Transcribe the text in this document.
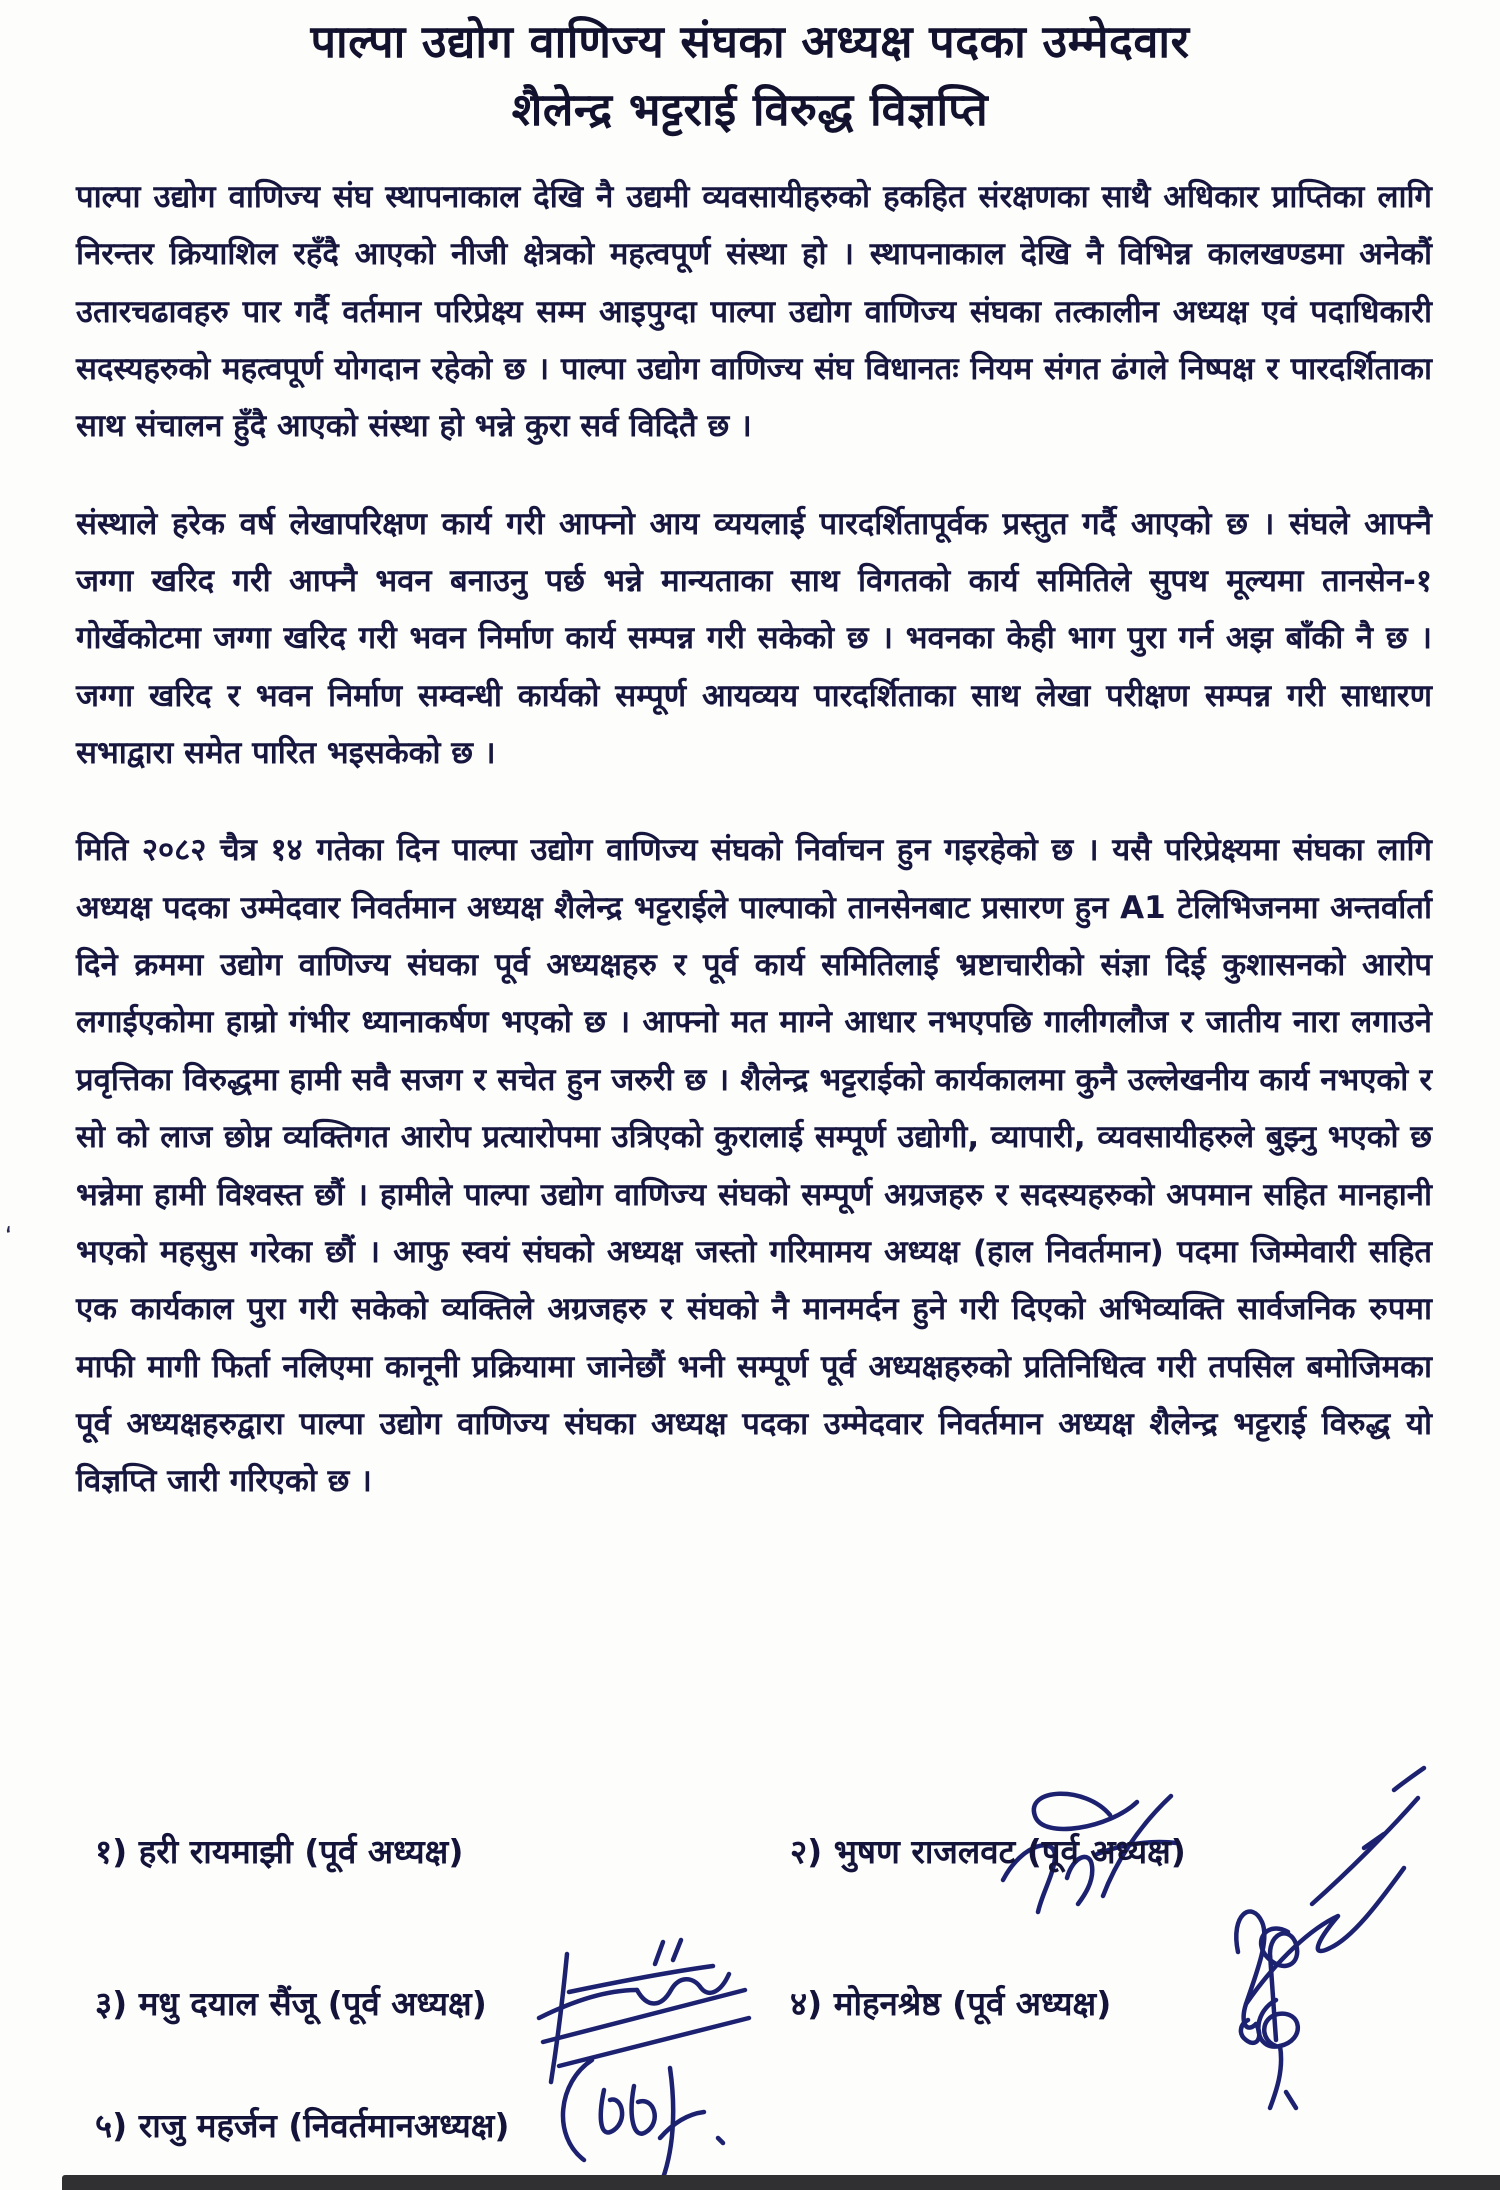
पाल्पा उद्योग वाणिज्य संघका अध्यक्ष पदका उम्मेदवार
शैलेन्द्र भट्टराई विरुद्ध विज्ञप्ति

पाल्पा उद्योग वाणिज्य संघ स्थापनाकाल देखि नै उद्यमी व्यवसायीहरुको हकहित संरक्षणका साथै अधिकार प्राप्तिका लागि निरन्तर क्रियाशिल रहँदै आएको नीजी क्षेत्रको महत्वपूर्ण संस्था हो । स्थापनाकाल देखि नै विभिन्न कालखण्डमा अनेकौं उतारचढावहरु पार गर्दै वर्तमान परिप्रेक्ष्य सम्म आइपुग्दा पाल्पा उद्योग वाणिज्य संघका तत्कालीन अध्यक्ष एवं पदाधिकारी सदस्यहरुको महत्वपूर्ण योगदान रहेको छ । पाल्पा उद्योग वाणिज्य संघ विधानतः नियम संगत ढंगले निष्पक्ष र पारदर्शिताका साथ संचालन हुँदै आएको संस्था हो भन्ने कुरा सर्व विदितै छ ।

संस्थाले हरेक वर्ष लेखापरिक्षण कार्य गरी आफ्नो आय व्ययलाई पारदर्शितापूर्वक प्रस्तुत गर्दै आएको छ । संघले आफ्नै जग्गा खरिद गरी आफ्नै भवन बनाउनु पर्छ भन्ने मान्यताका साथ विगतको कार्य समितिले सुपथ मूल्यमा तानसेन-१ गोर्खेकोटमा जग्गा खरिद गरी भवन निर्माण कार्य सम्पन्न गरी सकेको छ । भवनका केही भाग पुरा गर्न अझ बाँकी नै छ । जग्गा खरिद र भवन निर्माण सम्वन्धी कार्यको सम्पूर्ण आयव्यय पारदर्शिताका साथ लेखा परीक्षण सम्पन्न गरी साधारण सभाद्वारा समेत पारित भइसकेको छ ।

मिति २०८२ चैत्र १४ गतेका दिन पाल्पा उद्योग वाणिज्य संघको निर्वाचन हुन गइरहेको छ । यसै परिप्रेक्ष्यमा संघका लागि अध्यक्ष पदका उम्मेदवार निवर्तमान अध्यक्ष शैलेन्द्र भट्टराईले पाल्पाको तानसेनबाट प्रसारण हुन A1 टेलिभिजनमा अन्तर्वार्ता दिने क्रममा उद्योग वाणिज्य संघका पूर्व अध्यक्षहरु र पूर्व कार्य समितिलाई भ्रष्टाचारीको संज्ञा दिई कुशासनको आरोप लगाईएकोमा हाम्रो गंभीर ध्यानाकर्षण भएको छ । आफ्नो मत माग्ने आधार नभएपछि गालीगलौज र जातीय नारा लगाउने प्रवृत्तिका विरुद्धमा हामी सवै सजग र सचेत हुन जरुरी छ । शैलेन्द्र भट्टराईको कार्यकालमा कुनै उल्लेखनीय कार्य नभएको र सो को लाज छोप्न व्यक्तिगत आरोप प्रत्यारोपमा उत्रिएको कुरालाई सम्पूर्ण उद्योगी, व्यापारी, व्यवसायीहरुले बुझ्नु भएको छ भन्नेमा हामी विश्वस्त छौं । हामीले पाल्पा उद्योग वाणिज्य संघको सम्पूर्ण अग्रजहरु र सदस्यहरुको अपमान सहित मानहानी भएको महसुस गरेका छौं । आफु स्वयं संघको अध्यक्ष जस्तो गरिमामय अध्यक्ष (हाल निवर्तमान) पदमा जिम्मेवारी सहित एक कार्यकाल पुरा गरी सकेको व्यक्तिले अग्रजहरु र संघको नै मानमर्दन हुने गरी दिएको अभिव्यक्ति सार्वजनिक रुपमा माफी मागी फिर्ता नलिएमा कानूनी प्रक्रियामा जानेछौं भनी सम्पूर्ण पूर्व अध्यक्षहरुको प्रतिनिधित्व गरी तपसिल बमोजिमका पूर्व अध्यक्षहरुद्वारा पाल्पा उद्योग वाणिज्य संघका अध्यक्ष पदका उम्मेदवार निवर्तमान अध्यक्ष शैलेन्द्र भट्टराई विरुद्ध यो विज्ञप्ति जारी गरिएको छ ।

‘
१) हरी रायमाझी (पूर्व अध्यक्ष)	२) भुषण राजलवट (पूर्व अध्यक्ष)
३) मधु दयाल सैंजू (पूर्व अध्यक्ष)	४) मोहनश्रेष्ठ (पूर्व अध्यक्ष)
५) राजु महर्जन (निवर्तमानअध्यक्ष)
